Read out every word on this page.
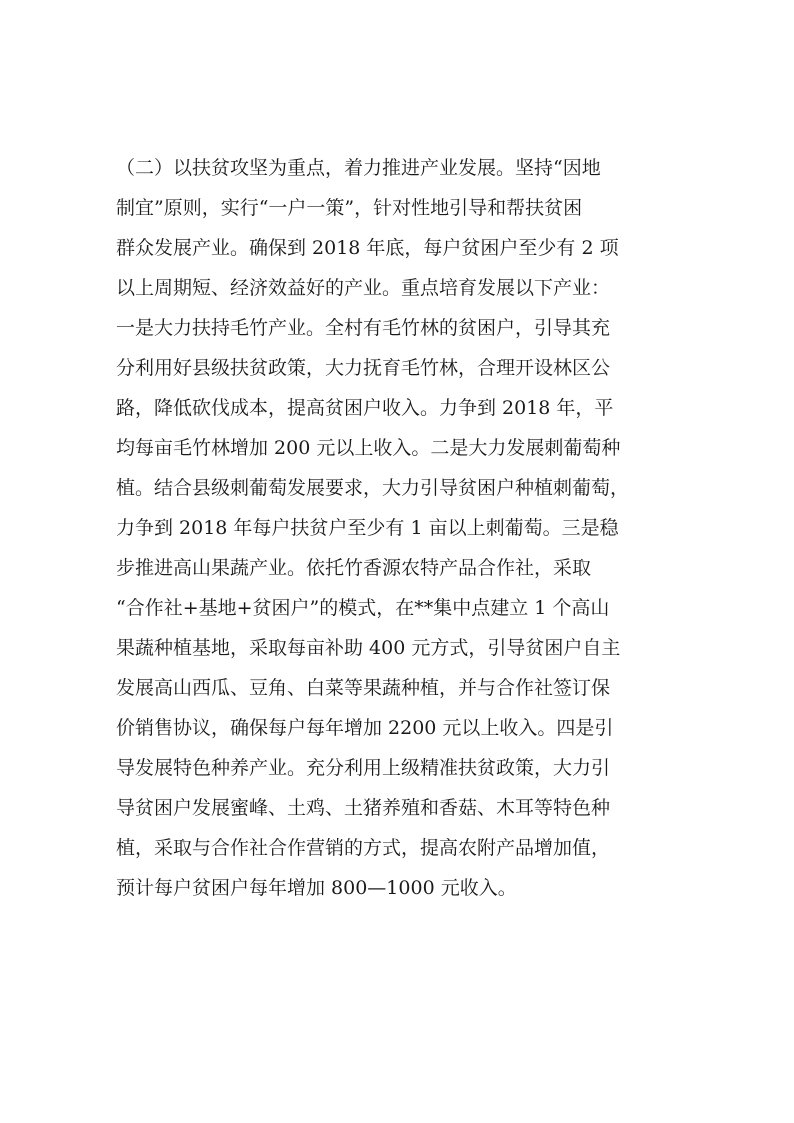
（二）以扶贫攻坚为重点，着力推进产业发展。坚持“因地
制宜”原则，实行“一户一策”，针对性地引导和帮扶贫困
群众发展产业。确保到 2018 年底，每户贫困户至少有 2 项
以上周期短、经济效益好的产业。重点培育发展以下产业：
一是大力扶持毛竹产业。全村有毛竹林的贫困户，引导其充
分利用好县级扶贫政策，大力抚育毛竹林，合理开设林区公
路，降低砍伐成本，提高贫困户收入。力争到 2018 年，平
均每亩毛竹林增加 200 元以上收入。二是大力发展刺葡萄种
植。结合县级刺葡萄发展要求，大力引导贫困户种植刺葡萄，
力争到 2018 年每户扶贫户至少有 1 亩以上刺葡萄。三是稳
步推进高山果蔬产业。依托竹香源农特产品合作社，采取
“合作社+基地+贫困户”的模式，在**集中点建立 1 个高山
果蔬种植基地，采取每亩补助 400 元方式，引导贫困户自主
发展高山西瓜、豆角、白菜等果蔬种植，并与合作社签订保
价销售协议，确保每户每年增加 2200 元以上收入。四是引
导发展特色种养产业。充分利用上级精准扶贫政策，大力引
导贫困户发展蜜峰、土鸡、土猪养殖和香菇、木耳等特色种
植，采取与合作社合作营销的方式，提高农附产品增加值，
预计每户贫困户每年增加 800—1000 元收入。
